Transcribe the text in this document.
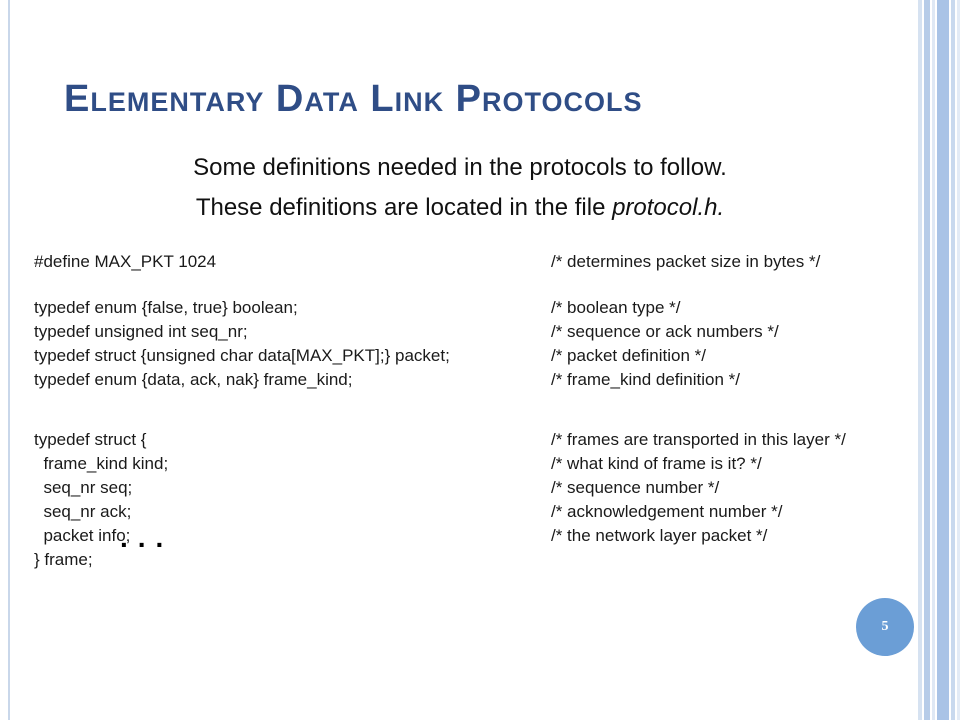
Elementary Data Link Protocols

Some definitions needed in the protocols to follow.

These definitions are located in the file protocol.h.

#define MAX_PKT 1024
typedef enum {false, true} boolean;
typedef unsigned int seq_nr;
typedef struct {unsigned char data[MAX_PKT];} packet;
typedef enum {data, ack, nak} frame_kind;
typedef struct {
frame_kind kind;
seq_nr seq;
seq_nr ack;
packet info;
} frame;
/* determines packet size in bytes */
/* boolean type */
/* sequence or ack numbers */
/* packet definition */
/* frame_kind definition */
/* frames are transported in this layer */
/* what kind of frame is it? */
/* sequence number */
/* acknowledgement number */
/* the network layer packet */
...
5
